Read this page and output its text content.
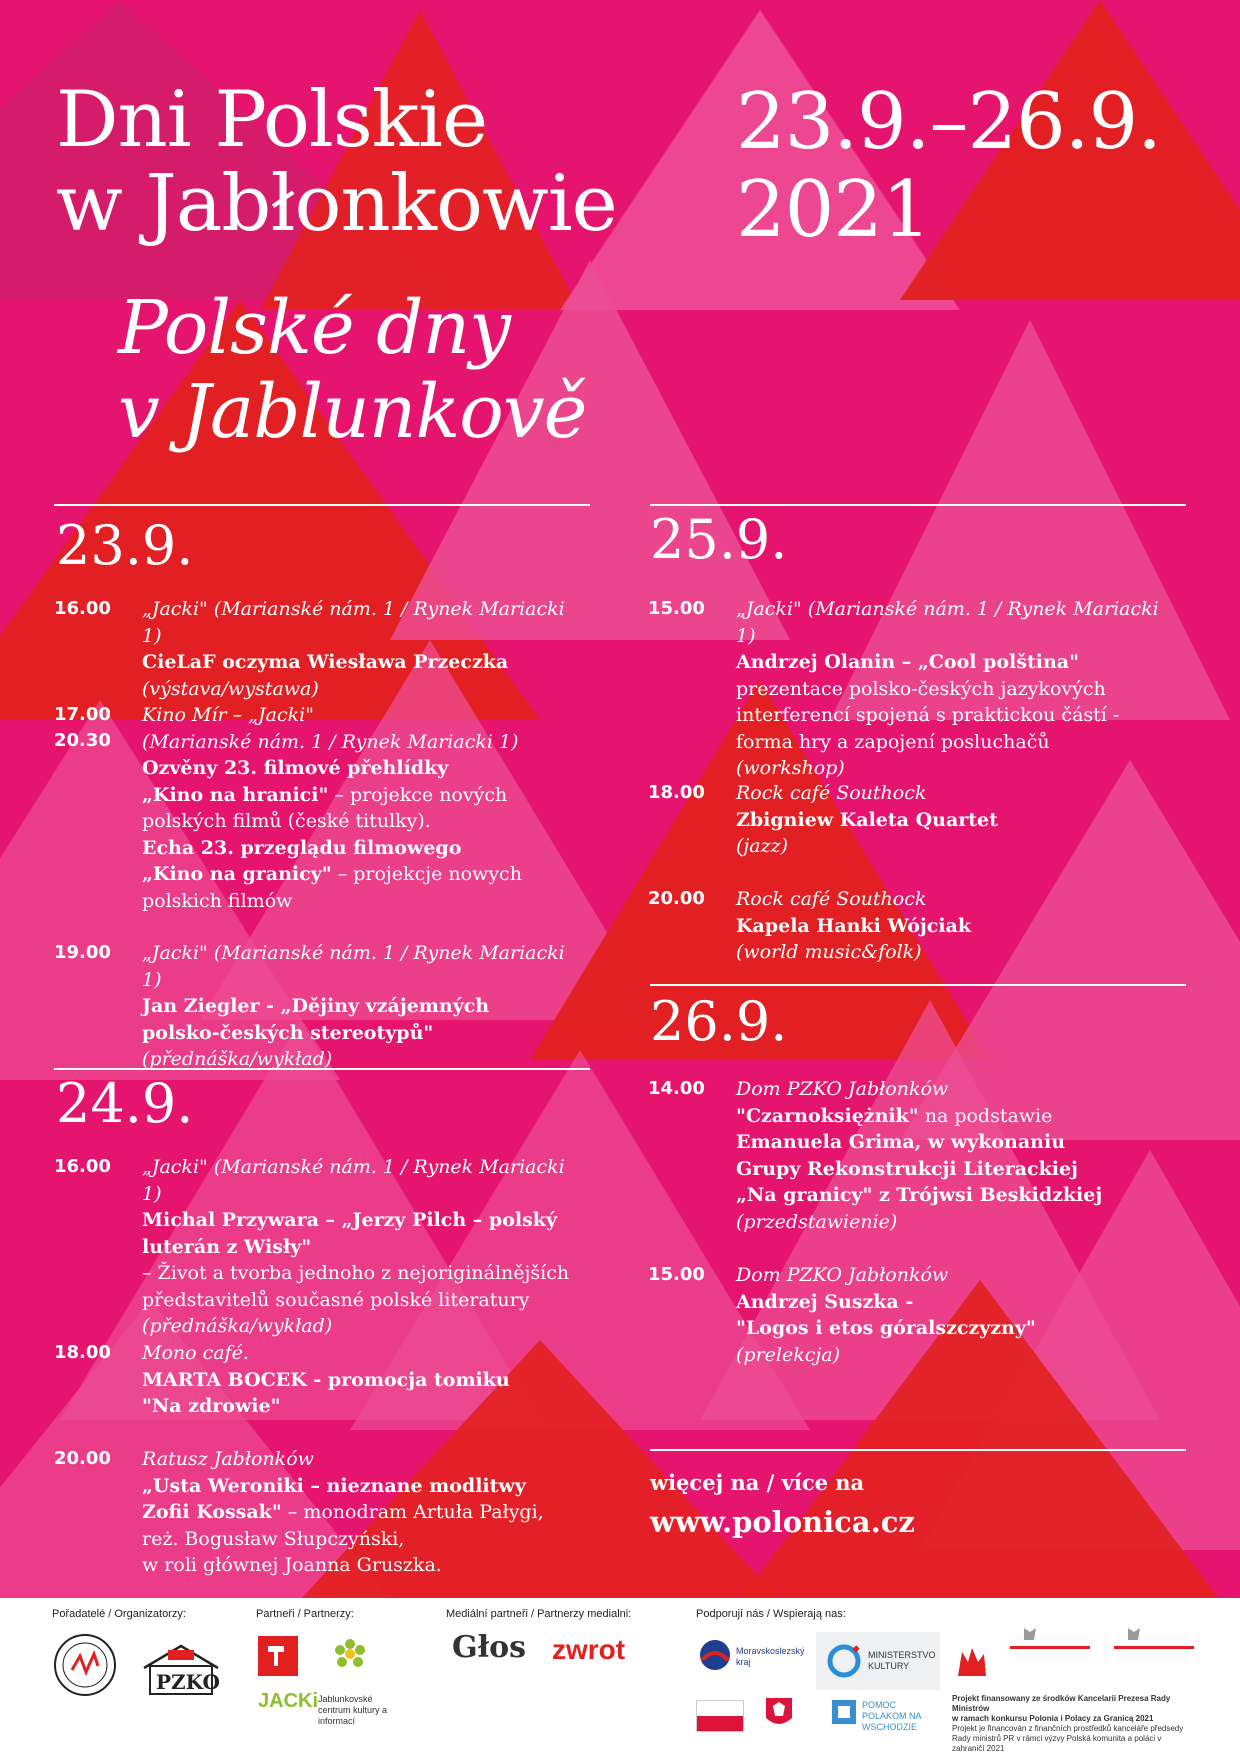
Dni Polskie
w Jabłonkowie
23.9.–26.9.
2021
Polské dny
v Jablunkově
23.9.
24.9.
25.9.
26.9.
16.00	„Jacki" (Marianské nám. 1 / Rynek Mariacki 1)
CieLaF oczyma Wiesława Przeczka
(výstava/wystawa)
17.00
20.30
Kino Mír – „Jacki"
(Marianské nám. 1 / Rynek Mariacki 1)
Ozvěny 23. filmové přehlídky
„Kino na hranici" – projekce nových
polských filmů (české titulky).
Echa 23. przeglądu filmowego
„Kino na granicy" – projekcje nowych
polskich filmów
19.00	„Jacki" (Marianské nám. 1 / Rynek Mariacki 1)
Jan Ziegler - „Dějiny vzájemných
polsko-českých stereotypů"
(přednáška/wykład)
16.00	„Jacki" (Marianské nám. 1 / Rynek Mariacki 1)
Michal Przywara – „Jerzy Pilch – polský
luterán z Wisły"
– Život a tvorba jednoho z nejoriginálnějších
představitelů současné polské literatury
(přednáška/wykład)
18.00	Mono café.
MARTA BOCEK - promocja tomiku
"Na zdrowie"
20.00	Ratusz Jabłonków
„Usta Weroniki – nieznane modlitwy
Zofii Kossak" – monodram Artuła Pałygi,
reż. Bogusław Słupczyński,
w roli głównej Joanna Gruszka.
15.00	„Jacki" (Marianské nám. 1 / Rynek Mariacki 1)
Andrzej Olanin – „Cool polština"
prezentace polsko-českých jazykových
interferencí spojená s praktickou částí -
forma hry a zapojení posluchačů
(workshop)
18.00	Rock café Southock
Zbigniew Kaleta Quartet
(jazz)
20.00	Rock café Southock
Kapela Hanki Wójciak
(world music&folk)
14.00	Dom PZKO Jabłonków
"Czarnoksiężnik" na podstawie
Emanuela Grima, w wykonaniu
Grupy Rekonstrukcji Literackiej
„Na granicy" z Trójwsi Beskidzkiej
(przedstawienie)
15.00	Dom PZKO Jabłonków
Andrzej Suszka -
"Logos i etos góralszczyzny"
(prelekcja)
więcej na / více na
www.polonica.cz
Pořadatelé / Organizatorzy:	Partneři / Partnerzy:	Mediální partneři / Partnerzy medialni:	Podporují nás / Wspierają nas:
PZKO
JACKi Jablunkovské centrum kultury a informací
Głos zwrot	Moravskoslezský kraj
MINISTERSTVO KULTURY
POMOC POLAKOM NA WSCHODZIE
Projekt finansowany ze środków Kancelarii Prezesa Rady Ministrów
w ramach konkursu Polonia i Polacy za Granicą 2021
Projekt je financován z finančních prostředků kanceláře předsedy
Rady ministrů PR v rámci výzvy Polská komunita a poláci v zahraničí 2021
